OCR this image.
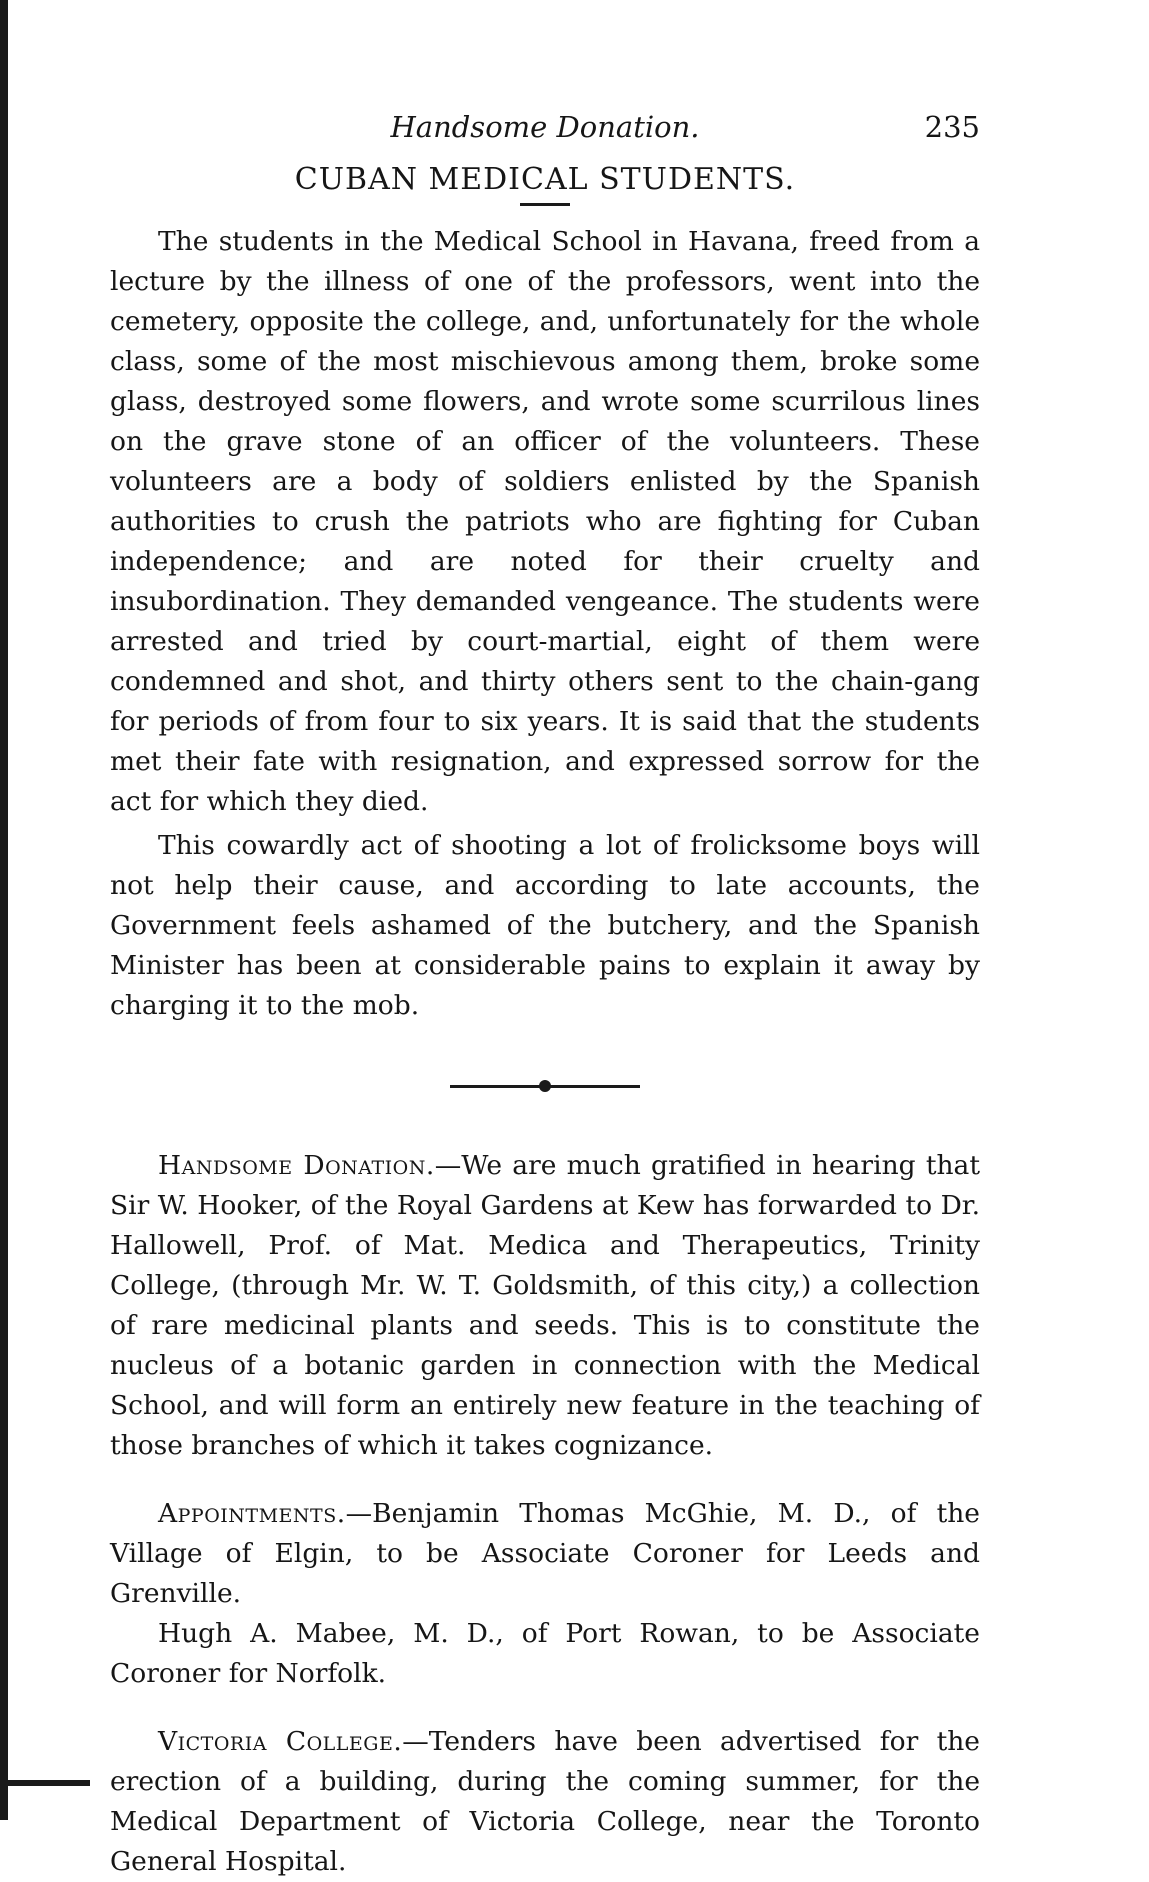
Handsome Donation.	235
CUBAN MEDICAL STUDENTS.

The students in the Medical School in Havana, freed from a lecture by the illness of one of the professors, went into the cemetery, opposite the college, and, unfortunately for the whole class, some of the most mischievous among them, broke some glass, destroyed some flowers, and wrote some scurrilous lines on the grave stone of an officer of the volunteers. These volunteers are a body of soldiers enlisted by the Spanish authorities to crush the patriots who are fighting for Cuban independence; and are noted for their cruelty and insubordination. They demanded vengeance. The students were arrested and tried by court-martial, eight of them were condemned and shot, and thirty others sent to the chain-gang for periods of from four to six years. It is said that the students met their fate with resignation, and expressed sorrow for the act for which they died.

This cowardly act of shooting a lot of frolicksome boys will not help their cause, and according to late accounts, the Government feels ashamed of the butchery, and the Spanish Minister has been at considerable pains to explain it away by charging it to the mob.

Handsome Donation.—We are much gratified in hearing that Sir W. Hooker, of the Royal Gardens at Kew has forwarded to Dr. Hallowell, Prof. of Mat. Medica and Therapeutics, Trinity College, (through Mr. W. T. Goldsmith, of this city,) a collection of rare medicinal plants and seeds. This is to constitute the nucleus of a botanic garden in connection with the Medical School, and will form an entirely new feature in the teaching of those branches of which it takes cognizance.

Appointments.—Benjamin Thomas McGhie, M. D., of the Village of Elgin, to be Associate Coroner for Leeds and Grenville.

Hugh A. Mabee, M. D., of Port Rowan, to be Associate Coroner for Norfolk.

Victoria College.—Tenders have been advertised for the erection of a building, during the coming summer, for the Medical Department of Victoria College, near the Toronto General Hospital.
